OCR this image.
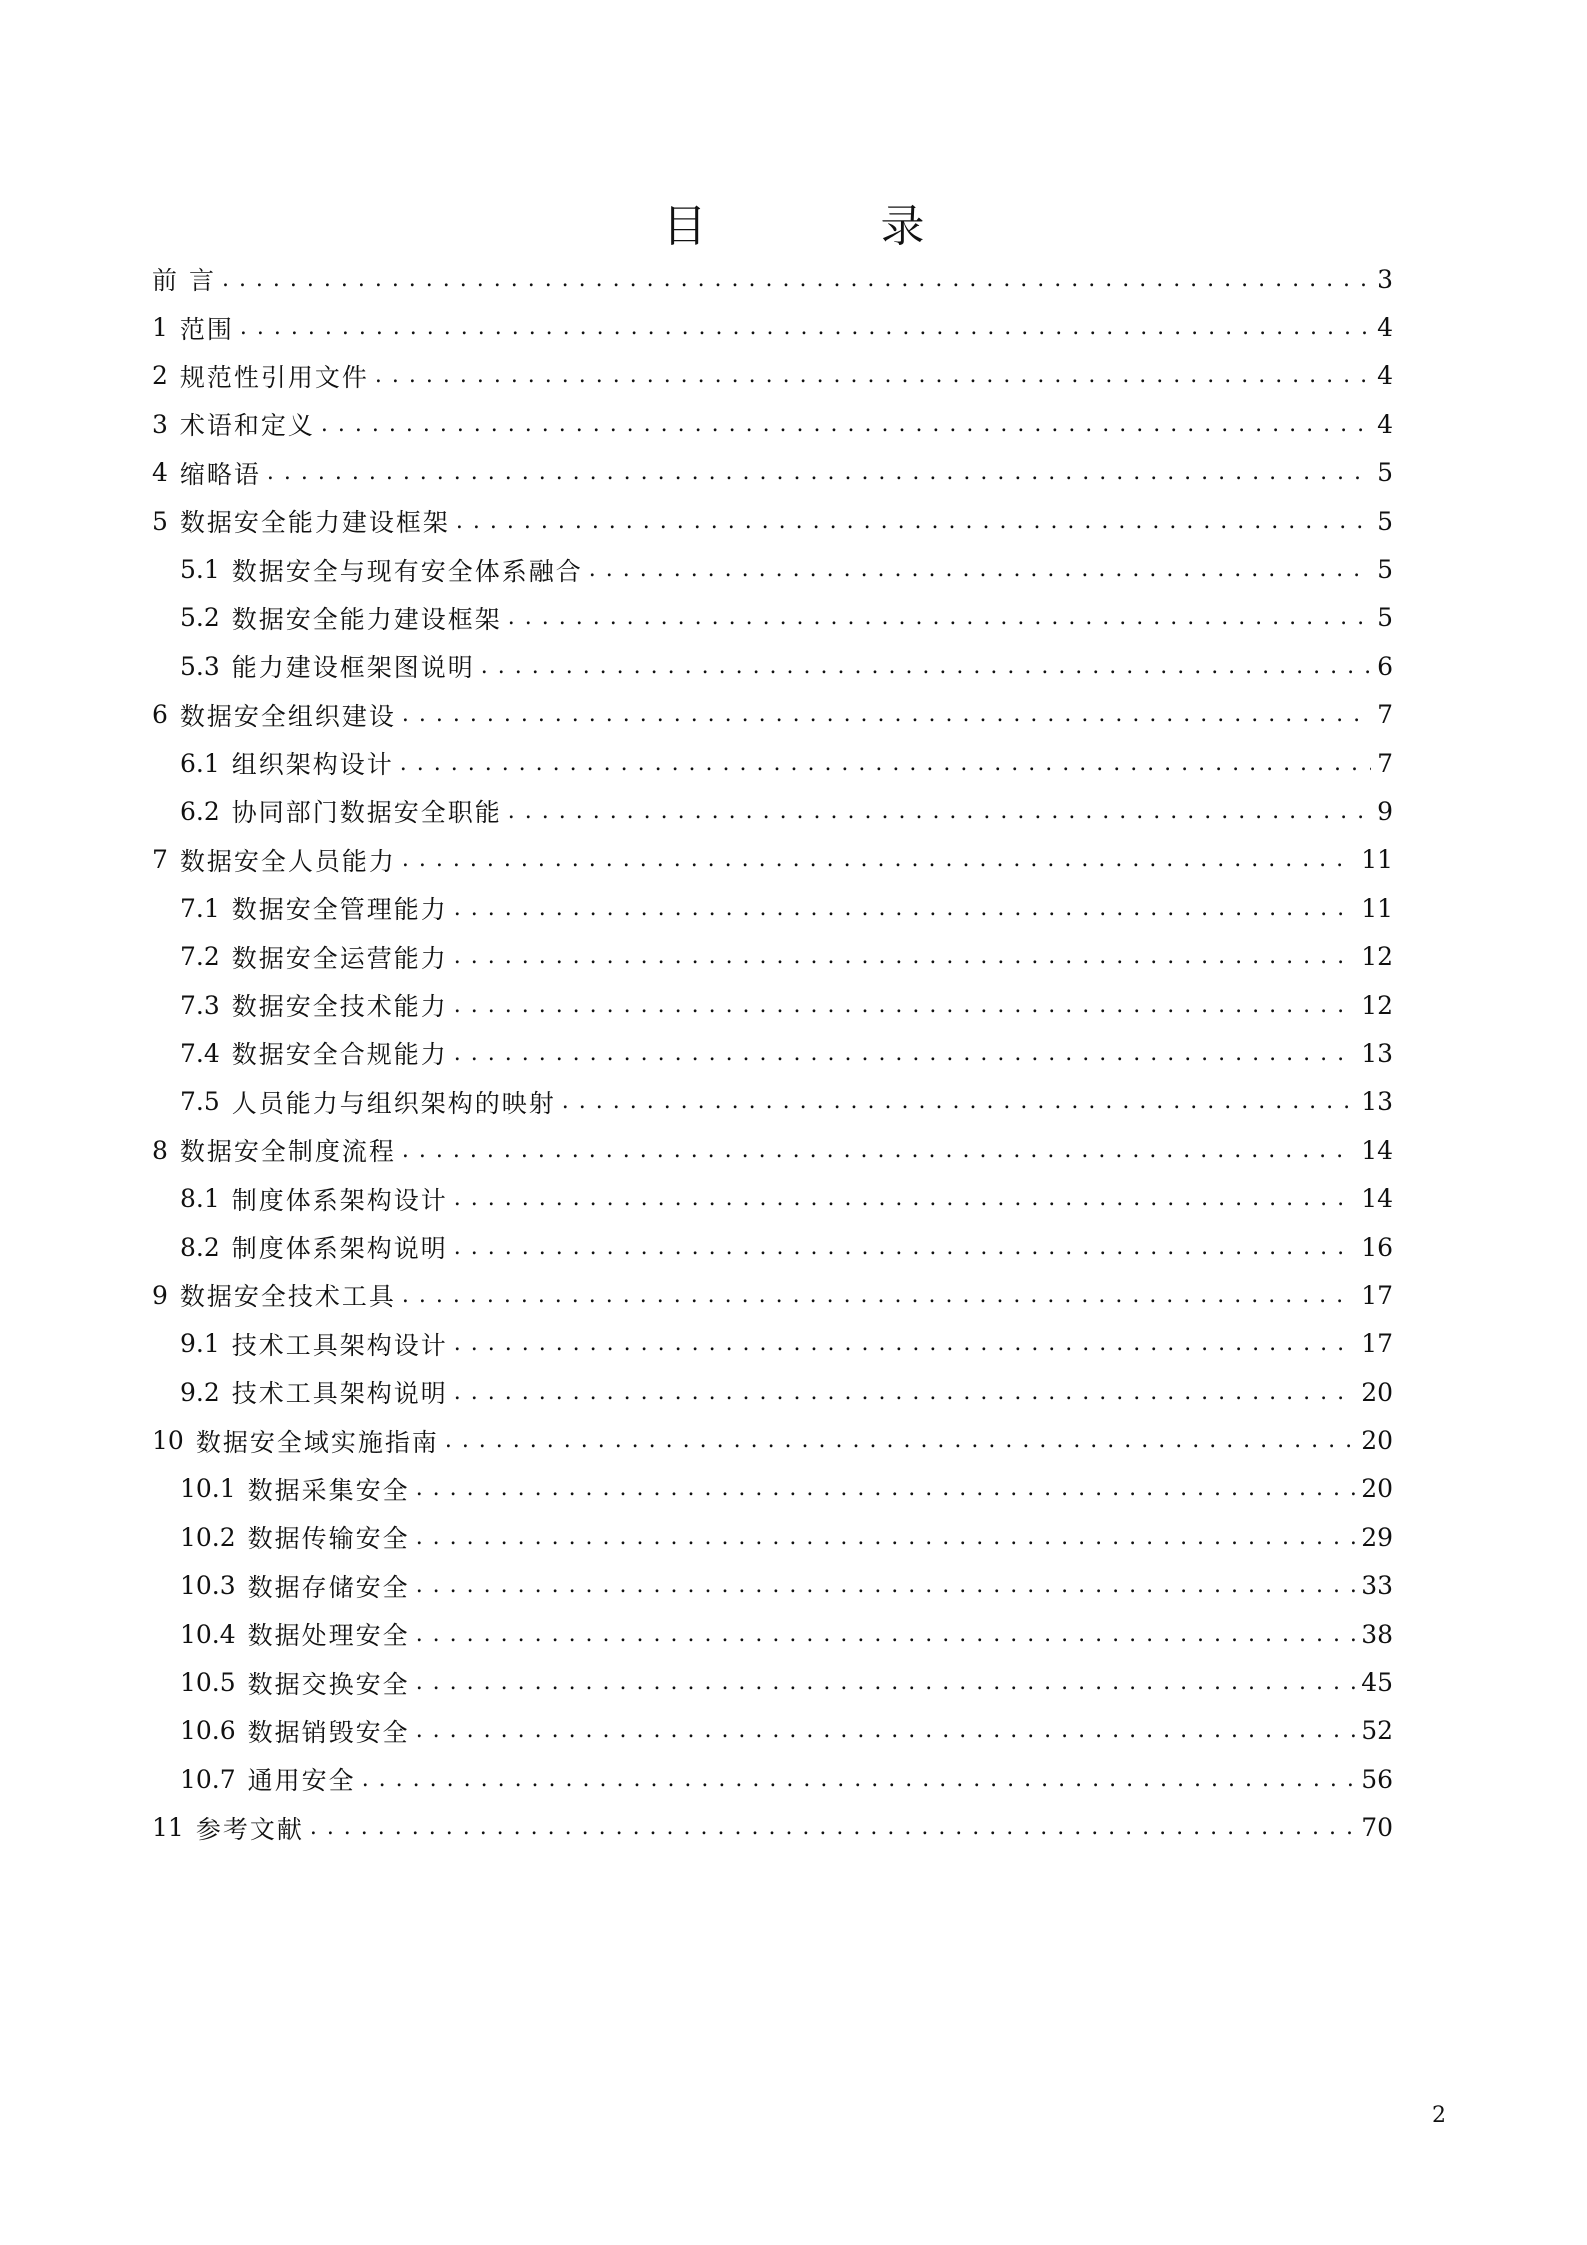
目 录
前 言 . . .	3
1 范围 . . .	4
2 规范性引用文件 . . .	4
3 术语和定义 . . .	4
4 缩略语 . . .	5
5 数据安全能力建设框架 . . .	5
5.1 数据安全与现有安全体系融合 . . .	5
5.2 数据安全能力建设框架 . . .	5
5.3 能力建设框架图说明 . . .	6
6 数据安全组织建设 . . .	7
6.1 组织架构设计 . . .	7
6.2 协同部门数据安全职能 . . .	9
7 数据安全人员能力 . . .	11
7.1 数据安全管理能力 . . .	11
7.2 数据安全运营能力 . . .	12
7.3 数据安全技术能力 . . .	12
7.4 数据安全合规能力 . . .	13
7.5 人员能力与组织架构的映射 . . .	13
8 数据安全制度流程 . . .	14
8.1 制度体系架构设计 . . .	14
8.2 制度体系架构说明 . . .	16
9 数据安全技术工具 . . .	17
9.1 技术工具架构设计 . . .	17
9.2 技术工具架构说明 . . .	20
10 数据安全域实施指南 . . .	20
10.1 数据采集安全 . . .	20
10.2 数据传输安全 . . .	29
10.3 数据存储安全 . . .	33
10.4 数据处理安全 . . .	38
10.5 数据交换安全 . . .	45
10.6 数据销毁安全 . . .	52
10.7 通用安全 . . .	56
11 参考文献 . . .	70
2
